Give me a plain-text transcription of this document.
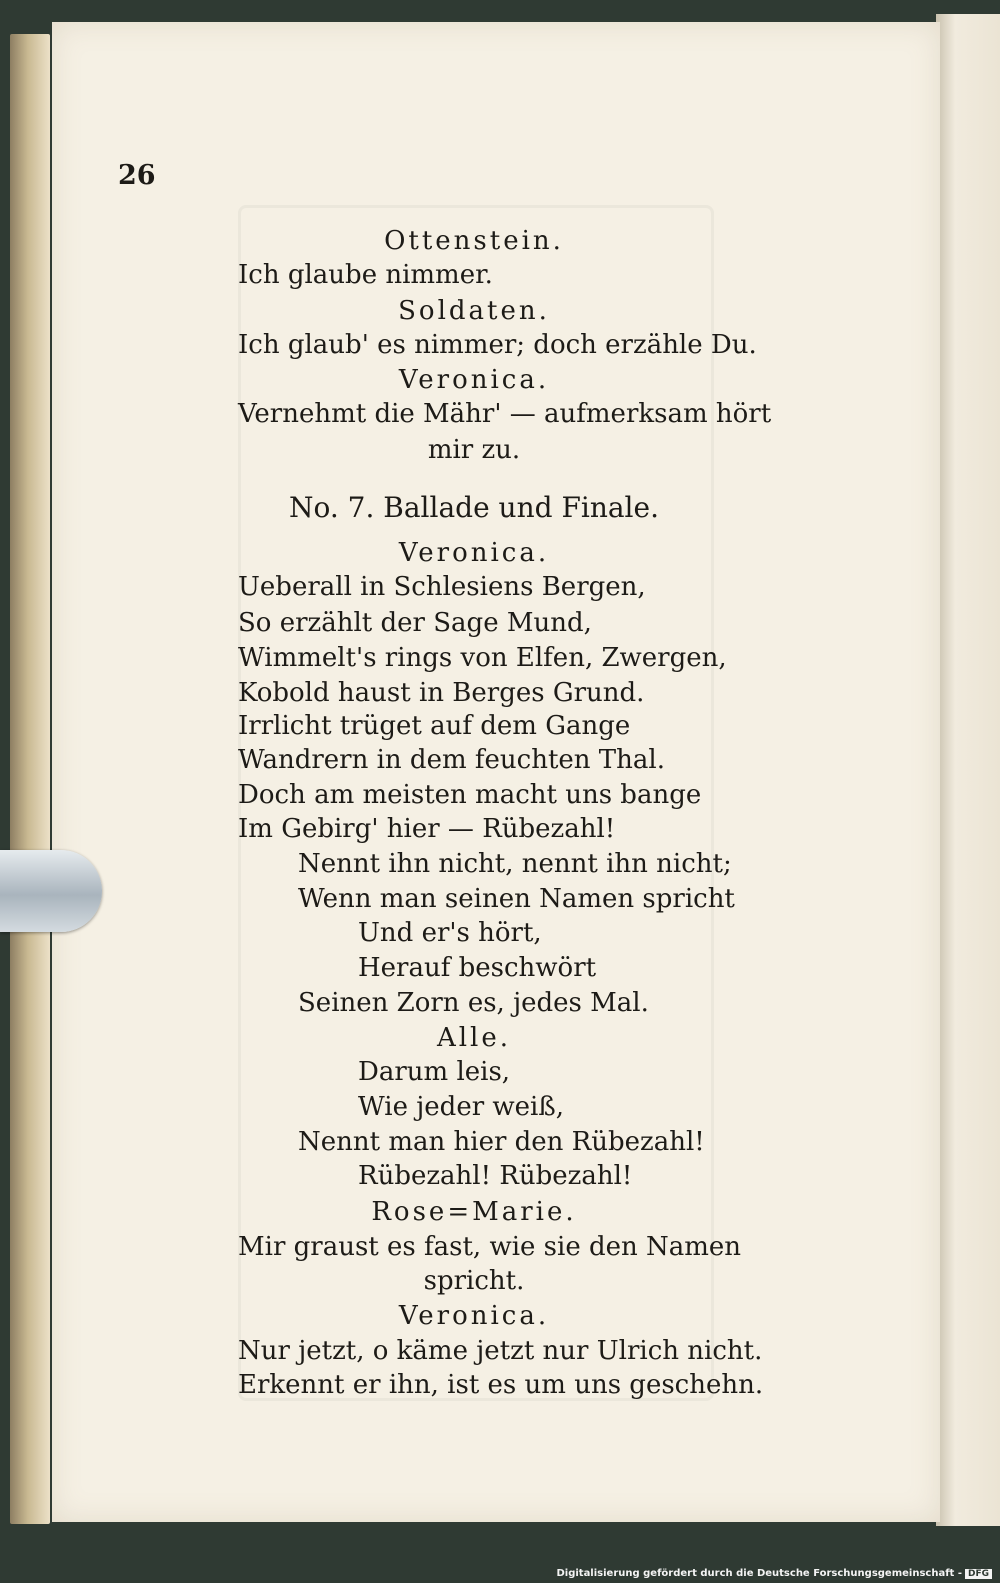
26
Ottenstein.
Ich glaube nimmer.
Soldaten.
Ich glaub' es nimmer; doch erzähle Du.
Veronica.
Vernehmt die Mähr' — aufmerksam hört
mir zu.
No. 7. Ballade und Finale.
Veronica.
Ueberall in Schlesiens Bergen,
So erzählt der Sage Mund,
Wimmelt's rings von Elfen, Zwergen,
Kobold haust in Berges Grund.
Irrlicht trüget auf dem Gange
Wandrern in dem feuchten Thal.
Doch am meisten macht uns bange
Im Gebirg' hier — Rübezahl!
Nennt ihn nicht, nennt ihn nicht;
Wenn man seinen Namen spricht
Und er's hört,
Herauf beschwört
Seinen Zorn es, jedes Mal.
Alle.
Darum leis,
Wie jeder weiß,
Nennt man hier den Rübezahl!
Rübezahl! Rübezahl!
Rose=Marie.
Mir graust es fast, wie sie den Namen
spricht.
Veronica.
Nur jetzt, o käme jetzt nur Ulrich nicht.
Erkennt er ihn, ist es um uns geschehn.
Digitalisierung gefördert durch die Deutsche Forschungsgemeinschaft - DFG
